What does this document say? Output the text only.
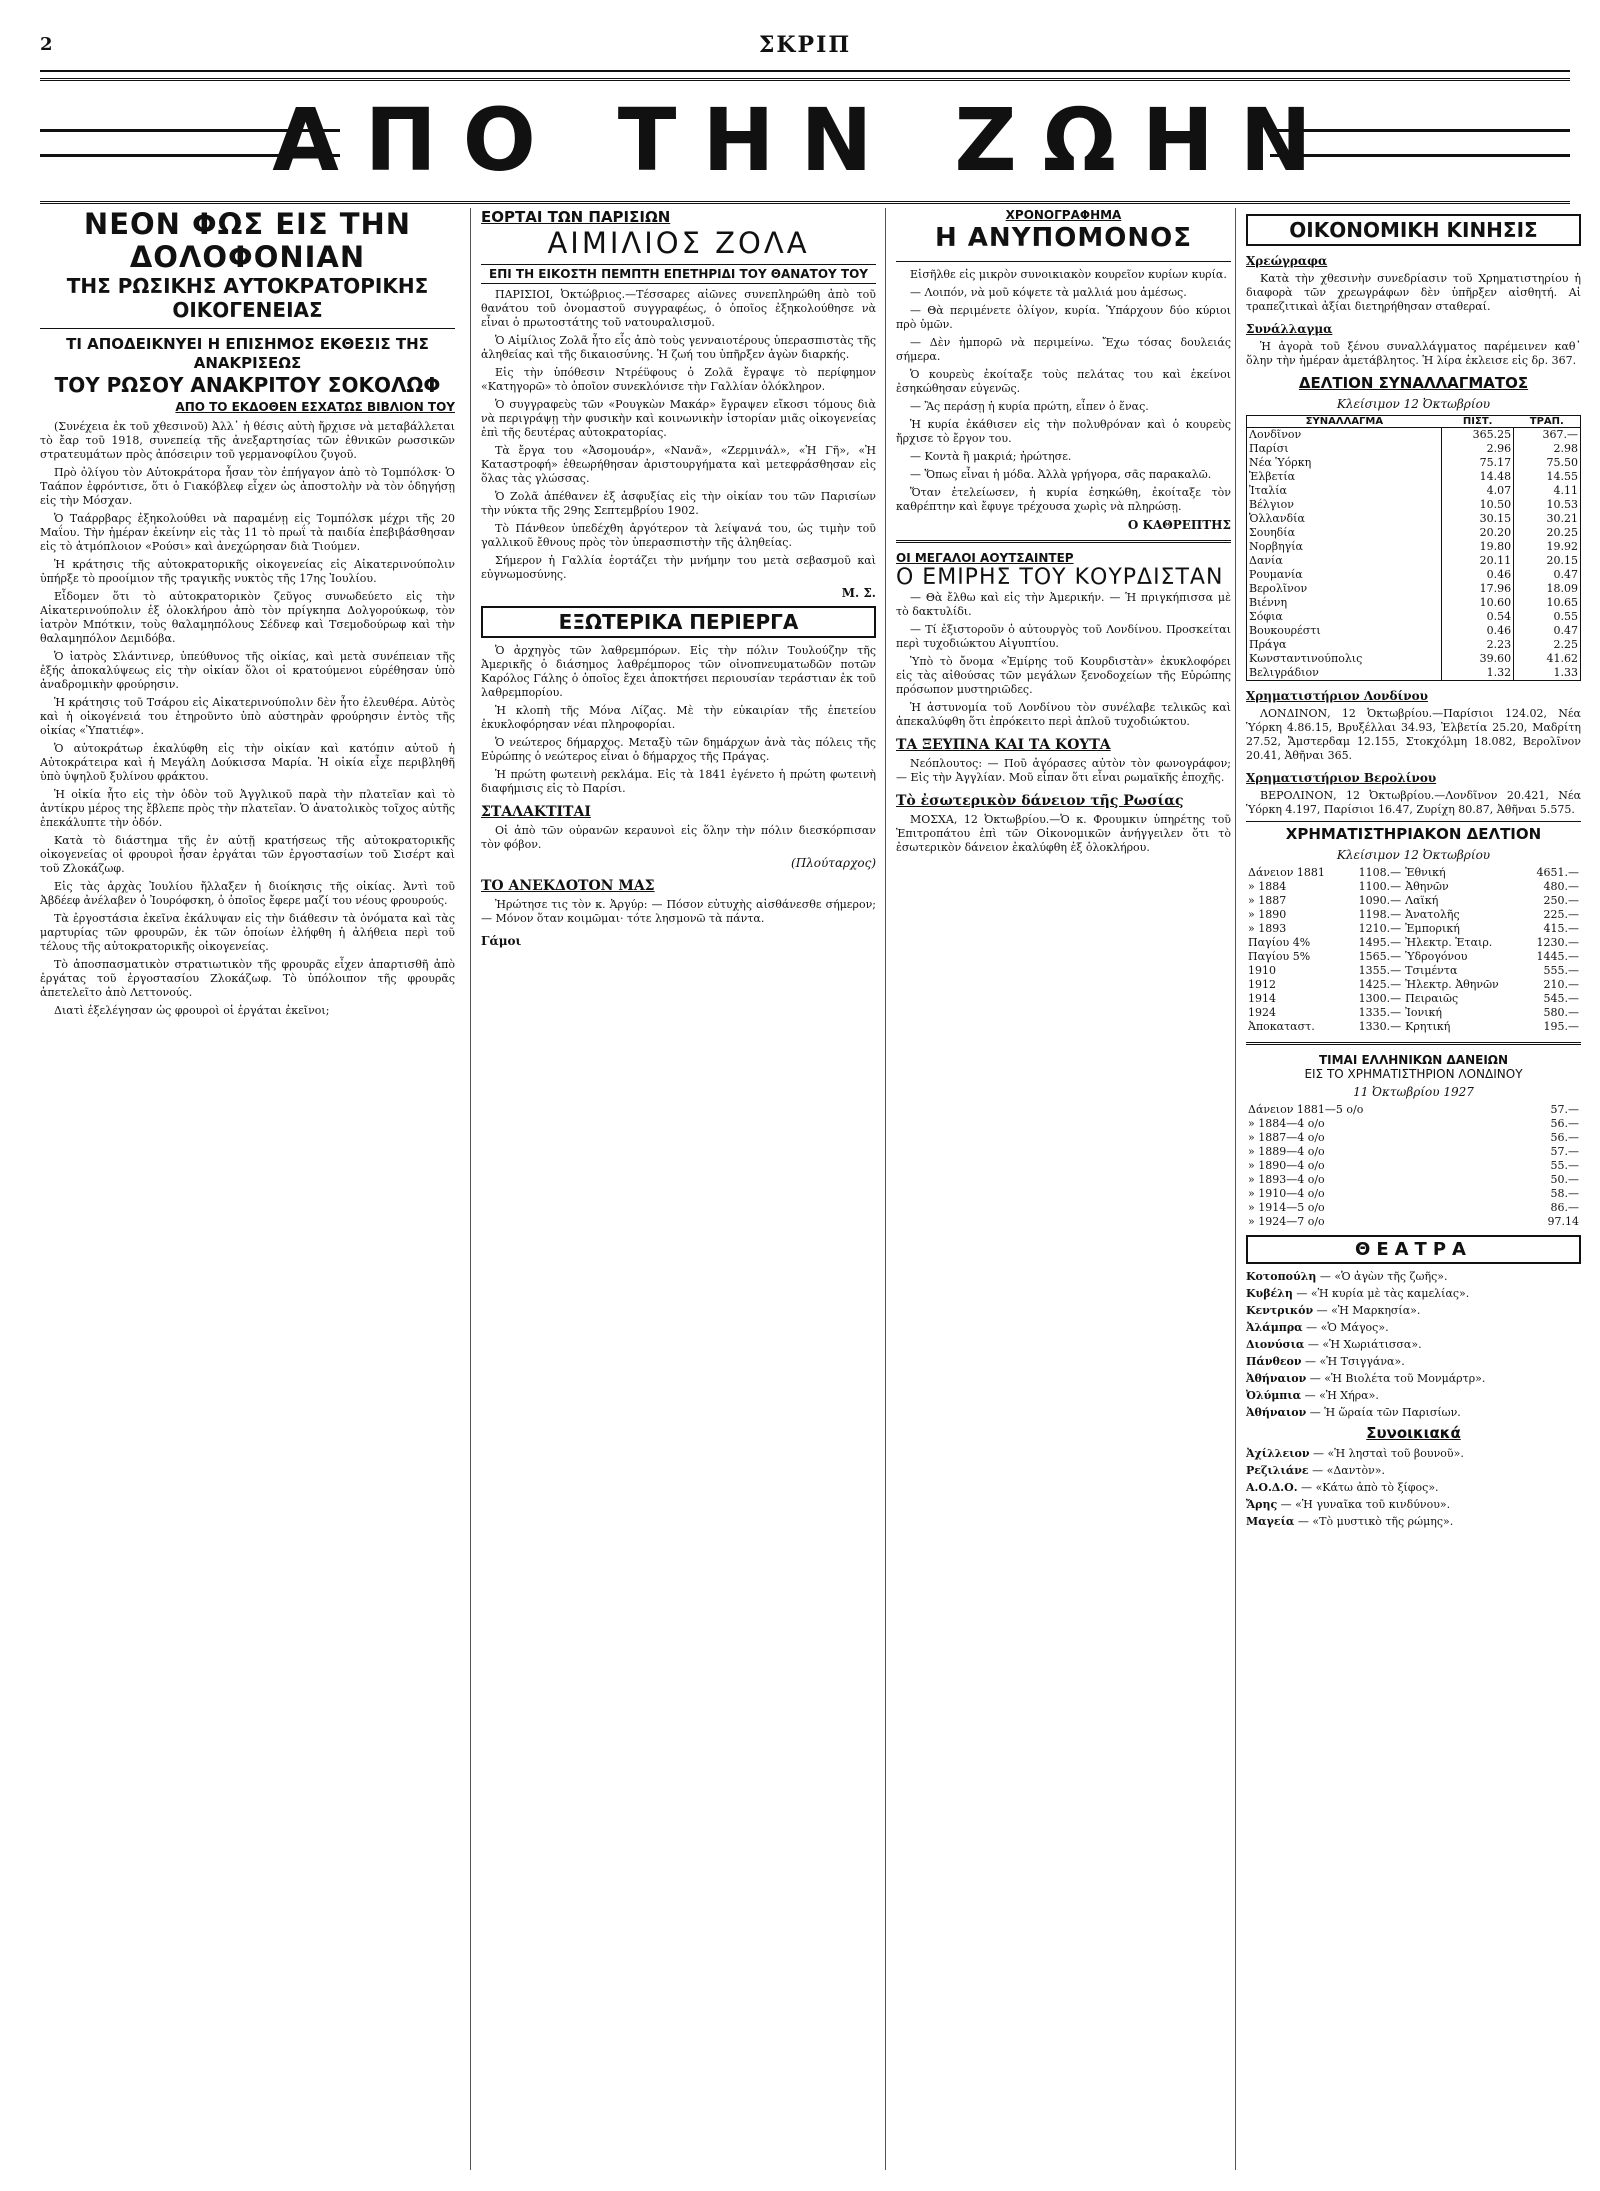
2	ΣΚΡΙΠ
ΑΠΟ ΤΗΝ ΖΩΗΝ
ΝΕΟΝ ΦΩΣ ΕΙΣ ΤΗΝ ΔΟΛΟΦΟΝΙΑΝ
ΤΗΣ ΡΩΣΙΚΗΣ ΑΥΤΟΚΡΑΤΟΡΙΚΗΣ ΟΙΚΟΓΕΝΕΙΑΣ
ΤΙ ΑΠΟΔΕΙΚΝΥΕΙ Η ΕΠΙΣΗΜΟΣ ΕΚΘΕΣΙΣ ΤΗΣ ΑΝΑΚΡΙΣΕΩΣ
ΤΟΥ ΡΩΣΟΥ ΑΝΑΚΡΙΤΟΥ ΣΟΚΟΛΩΦ
ΑΠΟ ΤΟ ΕΚΔΟΘΕΝ ΕΣΧΑΤΩΣ ΒΙΒΛΙΟΝ ΤΟΥ

(Συνέχεια ἐκ τοῦ χθεσινοῦ) Ἀλλ᾽ ἡ θέσις αὐτὴ ἤρχισε νὰ μεταβάλλεται τὸ ἔαρ τοῦ 1918, συνεπείᾳ τῆς ἀνεξαρτησίας τῶν ἐθνικῶν ρωσσικῶν στρατευμάτων πρὸς ἀπόσειριν τοῦ γερμανοφίλου ζυγοῦ.

Πρὸ ὀλίγου τὸν Αὐτοκράτορα ἦσαν τὸν ἐπήγαγον ἀπὸ τὸ Τομπόλσκ· Ὁ Ταάπον ἐφρόντισε, ὅτι ὁ Γιακόβλεφ εἶχεν ὡς ἀποστολὴν νὰ τὸν ὁδηγήσῃ εἰς τὴν Μόσχαν.

Ὁ Ταάρρβαρς ἐξηκολούθει νὰ παραμένῃ εἰς Τομπόλσκ μέχρι τῆς 20 Μαΐου. Τὴν ἡμέραν ἐκείνην εἰς τὰς 11 τὸ πρωΐ τὰ παιδία ἐπεβιβάσθησαν εἰς τὸ ἀτμόπλοιον «Ρούσι» καὶ ἀνεχώρησαν διὰ Τιούμεν.

Ἡ κράτησις τῆς αὐτοκρατορικῆς οἰκογενείας εἰς Αἰκατερινούπολιν ὑπήρξε τὸ προοίμιον τῆς τραγικῆς νυκτὸς τῆς 17ης Ἰουλίου.

Εἶδομεν ὅτι τὸ αὐτοκρατορικὸν ζεῦγος συνωδεύετο εἰς τὴν Αἰκατερινούπολιν ἐξ ὁλοκλήρου ἀπὸ τὸν πρίγκηπα Δολγορούκωφ, τὸν ἰατρὸν Μπότκιν, τοὺς θαλαμηπόλους Σέδνεφ καὶ Τσεμοδούρωφ καὶ τὴν θαλαμηπόλον Δεμιδόβα.

Ὁ ἰατρὸς Σλάντινερ, ὑπεύθυνος τῆς οἰκίας, καὶ μετὰ συνέπειαν τῆς ἐξής ἀποκαλύψεως εἰς τὴν οἰκίαν ὅλοι οἱ κρατούμενοι εὑρέθησαν ὑπὸ ἀναδρομικὴν φρούρησιν.

Ἡ κράτησις τοῦ Τσάρου εἰς Αἰκατερινούπολιν δὲν ἦτο ἐλευθέρα. Αὐτὸς καὶ ἡ οἰκογένειά του ἐτηροῦντο ὑπὸ αὐστηρὰν φρούρησιν ἐντὸς τῆς οἰκίας «Ὑπατιέφ».

Ὁ αὐτοκράτωρ ἐκαλύφθη εἰς τὴν οἰκίαν καὶ κατόπιν αὐτοῦ ἡ Αὐτοκράτειρα καὶ ἡ Μεγάλη Δούκισσα Μαρία. Ἡ οἰκία εἶχε περιβληθῆ ὑπὸ ὑψηλοῦ ξυλίνου φράκτου.

Ἡ οἰκία ἦτο εἰς τὴν ὁδὸν τοῦ Ἀγγλικοῦ παρὰ τὴν πλατεῖαν καὶ τὸ ἀντίκρυ μέρος της ἔβλεπε πρὸς τὴν πλατεῖαν. Ὁ ἀνατολικὸς τοῖχος αὐτῆς ἐπεκάλυπτε τὴν ὁδόν.

Κατὰ τὸ διάστημα τῆς ἐν αὐτῇ κρατήσεως τῆς αὐτοκρατορικῆς οἰκογενείας οἱ φρουροὶ ἦσαν ἐργάται τῶν ἐργοστασίων τοῦ Σισέρτ καὶ τοῦ Ζλοκάζωφ.

Εἰς τὰς ἀρχὰς Ἰουλίου ἤλλαξεν ἡ διοίκησις τῆς οἰκίας. Ἀντὶ τοῦ Ἀβδέεφ ἀνέλαβεν ὁ Ἰουρόφσκη, ὁ ὁποῖος ἔφερε μαζί του νέους φρουρούς.

Τὰ ἐργοστάσια ἐκεῖνα ἐκάλυψαν εἰς τὴν διάθεσιν τὰ ὀνόματα καὶ τὰς μαρτυρίας τῶν φρουρῶν, ἐκ τῶν ὁποίων ἐλήφθη ἡ ἀλήθεια περὶ τοῦ τέλους τῆς αὐτοκρατορικῆς οἰκογενείας.

Τὸ ἀποσπασματικὸν στρατιωτικὸν τῆς φρουρᾶς εἶχεν ἀπαρτισθῆ ἀπὸ ἐργάτας τοῦ ἐργοστασίου Ζλοκάζωφ. Τὸ ὑπόλοιπον τῆς φρουρᾶς ἀπετελεῖτο ἀπὸ Λεττονούς.

Διατὶ ἐξελέγησαν ὡς φρουροὶ οἱ ἐργάται ἐκεῖνοι;

ΕΟΡΤΑΙ ΤΩΝ ΠΑΡΙΣΙΩΝ
ΑΙΜΙΛΙΟΣ ΖΟΛΑ
ΕΠΙ ΤΗ ΕΙΚΟΣΤΗ ΠΕΜΠΤΗ ΕΠΕΤΗΡΙΔΙ ΤΟΥ ΘΑΝΑΤΟΥ ΤΟΥ

ΠΑΡΙΣΙΟΙ, Ὀκτώβριος.—Τέσσαρες αἰῶνες συνεπληρώθη ἀπὸ τοῦ θανάτου τοῦ ὀνομαστοῦ συγγραφέως, ὁ ὁποῖος ἐξηκολούθησε νὰ εἶναι ὁ πρωτοστάτης τοῦ νατουραλισμοῦ.

Ὁ Αἰμίλιος Ζολᾶ ἦτο εἷς ἀπὸ τοὺς γενναιοτέρους ὑπερασπιστὰς τῆς ἀληθείας καὶ τῆς δικαιοσύνης. Ἡ ζωή του ὑπῆρξεν ἀγὼν διαρκής.

Εἰς τὴν ὑπόθεσιν Ντρέϋφους ὁ Ζολᾶ ἔγραψε τὸ περίφημον «Κατηγορῶ» τὸ ὁποῖον συνεκλόνισε τὴν Γαλλίαν ὁλόκληρον.

Ὁ συγγραφεὺς τῶν «Ρουγκὼν Μακάρ» ἔγραψεν εἴκοσι τόμους διὰ νὰ περιγράψῃ τὴν φυσικὴν καὶ κοινωνικὴν ἱστορίαν μιᾶς οἰκογενείας ἐπὶ τῆς δευτέρας αὐτοκρατορίας.

Τὰ ἔργα του «Ἀσομουάρ», «Νανᾶ», «Ζερμινάλ», «Ἡ Γῆ», «Ἡ Καταστροφή» ἐθεωρήθησαν ἀριστουργήματα καὶ μετεφράσθησαν εἰς ὅλας τὰς γλώσσας.

Ὁ Ζολᾶ ἀπέθανεν ἐξ ἀσφυξίας εἰς τὴν οἰκίαν του τῶν Παρισίων τὴν νύκτα τῆς 29ης Σεπτεμβρίου 1902.

Τὸ Πάνθεον ὑπεδέχθη ἀργότερον τὰ λείψανά του, ὡς τιμὴν τοῦ γαλλικοῦ ἔθνους πρὸς τὸν ὑπερασπιστὴν τῆς ἀληθείας.

Σήμερον ἡ Γαλλία ἑορτάζει τὴν μνήμην του μετὰ σεβασμοῦ καὶ εὐγνωμοσύνης.

Μ. Σ.
ΕΞΩΤΕΡΙΚΑ ΠΕΡΙΕΡΓΑ

Ὁ ἀρχηγὸς τῶν λαθρεμπόρων. Εἰς τὴν πόλιν Τουλούζην τῆς Ἀμερικῆς ὁ διάσημος λαθρέμπορος τῶν οἰνοπνευματωδῶν ποτῶν Καρόλος Γάλης ὁ ὁποῖος ἔχει ἀποκτήσει περιουσίαν τεράστιαν ἐκ τοῦ λαθρεμπορίου.

Ἡ κλοπὴ τῆς Μόνα Λίζας. Μὲ τὴν εὐκαιρίαν τῆς ἐπετείου ἐκυκλοφόρησαν νέαι πληροφορίαι.

Ὁ νεώτερος δήμαρχος. Μεταξὺ τῶν δημάρχων ἀνὰ τὰς πόλεις τῆς Εὐρώπης ὁ νεώτερος εἶναι ὁ δήμαρχος τῆς Πράγας.

Ἡ πρώτη φωτεινὴ ρεκλάμα. Εἰς τὰ 1841 ἐγένετο ἡ πρώτη φωτεινὴ διαφήμισις εἰς τὸ Παρίσι.

ΣΤΑΛΑΚΤΙΤΑΙ

Οἱ ἀπὸ τῶν οὐρανῶν κεραυνοὶ εἰς ὅλην τὴν πόλιν διεσκόρπισαν τὸν φόβον.

(Πλούταρχος)
ΤΟ ΑΝΕΚΔΟΤΟΝ ΜΑΣ

Ἠρώτησε τις τὸν κ. Ἀργύρ: — Πόσον εὐτυχὴς αἰσθάνεσθε σήμερον; — Μόνον ὅταν κοιμῶμαι· τότε λησμονῶ τὰ πάντα.

Γάμοι
ΧΡΟΝΟΓΡΑΦΗΜΑ
Η ΑΝΥΠΟΜΟΝΟΣ

Εἰσῆλθε εἰς μικρὸν συνοικιακὸν κουρεῖον κυρίων κυρία.

— Λοιπόν, νὰ μοῦ κόψετε τὰ μαλλιά μου ἀμέσως.

— Θὰ περιμένετε ὀλίγον, κυρία. Ὑπάρχουν δύο κύριοι πρὸ ὑμῶν.

— Δὲν ἠμπορῶ νὰ περιμείνω. Ἔχω τόσας δουλειάς σήμερα.

Ὁ κουρεὺς ἐκοίταξε τοὺς πελάτας του καὶ ἐκείνοι ἐσηκώθησαν εὐγενῶς.

— Ἂς περάσῃ ἡ κυρία πρώτη, εἶπεν ὁ ἕνας.

Ἡ κυρία ἐκάθισεν εἰς τὴν πολυθρόναν καὶ ὁ κουρεὺς ἤρχισε τὸ ἔργον του.

— Κοντὰ ἢ μακριά; ἠρώτησε.

— Ὅπως εἶναι ἡ μόδα. Ἀλλὰ γρήγορα, σᾶς παρακαλῶ.

Ὅταν ἐτελείωσεν, ἡ κυρία ἐσηκώθη, ἐκοίταξε τὸν καθρέπτην καὶ ἔφυγε τρέχουσα χωρὶς νὰ πληρώσῃ.

Ο ΚΑΘΡΕΠΤΗΣ
ΟΙ ΜΕΓΑΛΟΙ ΑΟΥΤΣΑΙΝΤΕΡ
Ο ΕΜΙΡΗΣ ΤΟΥ ΚΟΥΡΔΙΣΤΑΝ

— Θὰ ἔλθω καὶ εἰς τὴν Ἀμερικήν. — Ἡ πριγκήπισσα μὲ τὸ δακτυλίδι.

— Τί ἐξιστοροῦν ὁ αὐτουργὸς τοῦ Λονδίνου. Προσκείται περὶ τυχοδιώκτου Αἰγυπτίου.

Ὑπὸ τὸ ὄνομα «Ἐμίρης τοῦ Κουρδιστὰν» ἐκυκλοφόρει εἰς τὰς αἰθούσας τῶν μεγάλων ξενοδοχείων τῆς Εὐρώπης πρόσωπον μυστηριῶδες.

Ἡ ἀστυνομία τοῦ Λονδίνου τὸν συνέλαβε τελικῶς καὶ ἀπεκαλύφθη ὅτι ἐπρόκειτο περὶ ἀπλοῦ τυχοδιώκτου.

ΤΑ ΞΕΥΠΝΑ ΚΑΙ ΤΑ ΚΟΥΤΑ

Νεόπλουτος: — Ποῦ ἀγόρασες αὐτὸν τὸν φωνογράφον; — Εἰς τὴν Ἀγγλίαν. Μοῦ εἶπαν ὅτι εἶναι ρωμαϊκῆς ἐποχῆς.

Τὸ ἐσωτερικὸν δάνειον τῆς Ρωσίας

ΜΟΣΧΑ, 12 Ὀκτωβρίου.—Ὁ κ. Φρουμκιν ὑπηρέτης τοῦ Ἐπιτροπάτου ἐπὶ τῶν Οἰκονομικῶν ἀνήγγειλεν ὅτι τὸ ἐσωτερικὸν δάνειον ἐκαλύφθη ἐξ ὁλοκλήρου.

ΟΙΚΟΝΟΜΙΚΗ ΚΙΝΗΣΙΣ
Χρεώγραφα

Κατὰ τὴν χθεσινὴν συνεδρίασιν τοῦ Χρηματιστηρίου ἡ διαφορὰ τῶν χρεωγράφων δὲν ὑπῆρξεν αἰσθητή. Αἱ τραπεζιτικαὶ ἀξίαι διετηρήθησαν σταθεραί.

Συνάλλαγμα

Ἡ ἀγορὰ τοῦ ξένου συναλλάγματος παρέμεινεν καθ᾽ ὅλην τὴν ἡμέραν ἀμετάβλητος. Ἡ λίρα ἐκλεισε εἰς δρ. 367.

ΔΕΛΤΙΟΝ ΣΥΝΑΛΛΑΓΜΑΤΟΣ
Κλείσιμον 12 Ὀκτωβρίου
ΣΥΝΑΛΛΑΓΜΑ	ΠΙΣΤ.	ΤΡΑΠ.
Λονδῖνον	365.25	367.—
Παρίσι	2.96	2.98
Νέα Ὑόρκη	75.17	75.50
Ἑλβετία	14.48	14.55
Ἰταλία	4.07	4.11
Βέλγιον	10.50	10.53
Ὁλλανδία	30.15	30.21
Σουηδία	20.20	20.25
Νορβηγία	19.80	19.92
Δανία	20.11	20.15
Ρουμανία	0.46	0.47
Βερολῖνον	17.96	18.09
Βιέννη	10.60	10.65
Σόφια	0.54	0.55
Βουκουρέστι	0.46	0.47
Πράγα	2.23	2.25
Κωνσταντινούπολις	39.60	41.62
Βελιγράδιον	1.32	1.33
Χρηματιστήριον Λονδίνου

ΛΟΝΔΙΝΟΝ, 12 Ὀκτωβρίου.—Παρίσιοι 124.02, Νέα Ὑόρκη 4.86.15, Βρυξέλλαι 34.93, Ἐλβετία 25.20, Μαδρίτη 27.52, Ἄμστερδαμ 12.155, Στοκχόλμη 18.082, Βερολῖνον 20.41, Ἀθῆναι 365.

Χρηματιστήριον Βερολίνου

ΒΕΡΟΛΙΝΟΝ, 12 Ὀκτωβρίου.—Λονδῖνον 20.421, Νέα Ὑόρκη 4.197, Παρίσιοι 16.47, Ζυρίχη 80.87, Ἀθῆναι 5.575.

ΧΡΗΜΑΤΙΣΤΗΡΙΑΚΟΝ ΔΕΛΤΙΟΝ
Κλείσιμον 12 Ὀκτωβρίου
Δάνειον 1881	1108.—	Ἐθνική	4651.—
» 1884	1100.—	Ἀθηνῶν	480.—
» 1887	1090.—	Λαϊκή	250.—
» 1890	1198.—	Ἀνατολῆς	225.—
» 1893	1210.—	Ἐμπορική	415.—
Παγίου 4%	1495.—	Ἠλεκτρ. Ἑταιρ.	1230.—
Παγίου 5%	1565.—	Ὑδρογόνου	1445.—
1910	1355.—	Τσιμέντα	555.—
1912	1425.—	Ἠλεκτρ. Ἀθηνῶν	210.—
1914	1300.—	Πειραιῶς	545.—
1924	1335.—	Ἰονική	580.—
Ἀποκαταστ.	1330.—	Κρητική	195.—
ΤΙΜΑΙ ΕΛΛΗΝΙΚΩΝ ΔΑΝΕΙΩΝ
ΕΙΣ ΤΟ ΧΡΗΜΑΤΙΣΤΗΡΙΟΝ ΛΟΝΔΙΝΟΥ
11 Ὀκτωβρίου 1927
Δάνειον 1881—5 ο/ο	57.—
» 1884—4 ο/ο	56.—
» 1887—4 ο/ο	56.—
» 1889—4 ο/ο	57.—
» 1890—4 ο/ο	55.—
» 1893—4 ο/ο	50.—
» 1910—4 ο/ο	58.—
» 1914—5 ο/ο	86.—
» 1924—7 ο/ο	97.14
ΘΕΑΤΡΑ
Κοτοπούλη — «Ὁ ἀγὼν τῆς ζωῆς».
Κυβέλη — «Ἡ κυρία μὲ τὰς καμελίας».
Κεντρικόν — «Ἡ Μαρκησία».
Ἀλάμπρα — «Ὁ Μάγος».
Διονύσια — «Ἡ Χωριάτισσα».
Πάνθεον — «Ἡ Τσιγγάνα».
Ἀθήναιον — «Ἡ Βιολέτα τοῦ Μονμάρτρ».
Ὀλύμπια — «Ἡ Χήρα».
Ἀθήναιον — Ἡ ὥραία τῶν Παρισίων.
Συνοικιακά
Ἀχίλλειον — «Ἡ λησταὶ τοῦ βουνοῦ».
Ρεζιλιάνε — «Δαντὸν».
Α.Ο.Δ.Ο. — «Κάτω ἀπὸ τὸ ξίφος».
Ἄρης — «Ἡ γυναῖκα τοῦ κινδύνου».
Μαγεία — «Τὸ μυστικὸ τῆς ρώμης».
